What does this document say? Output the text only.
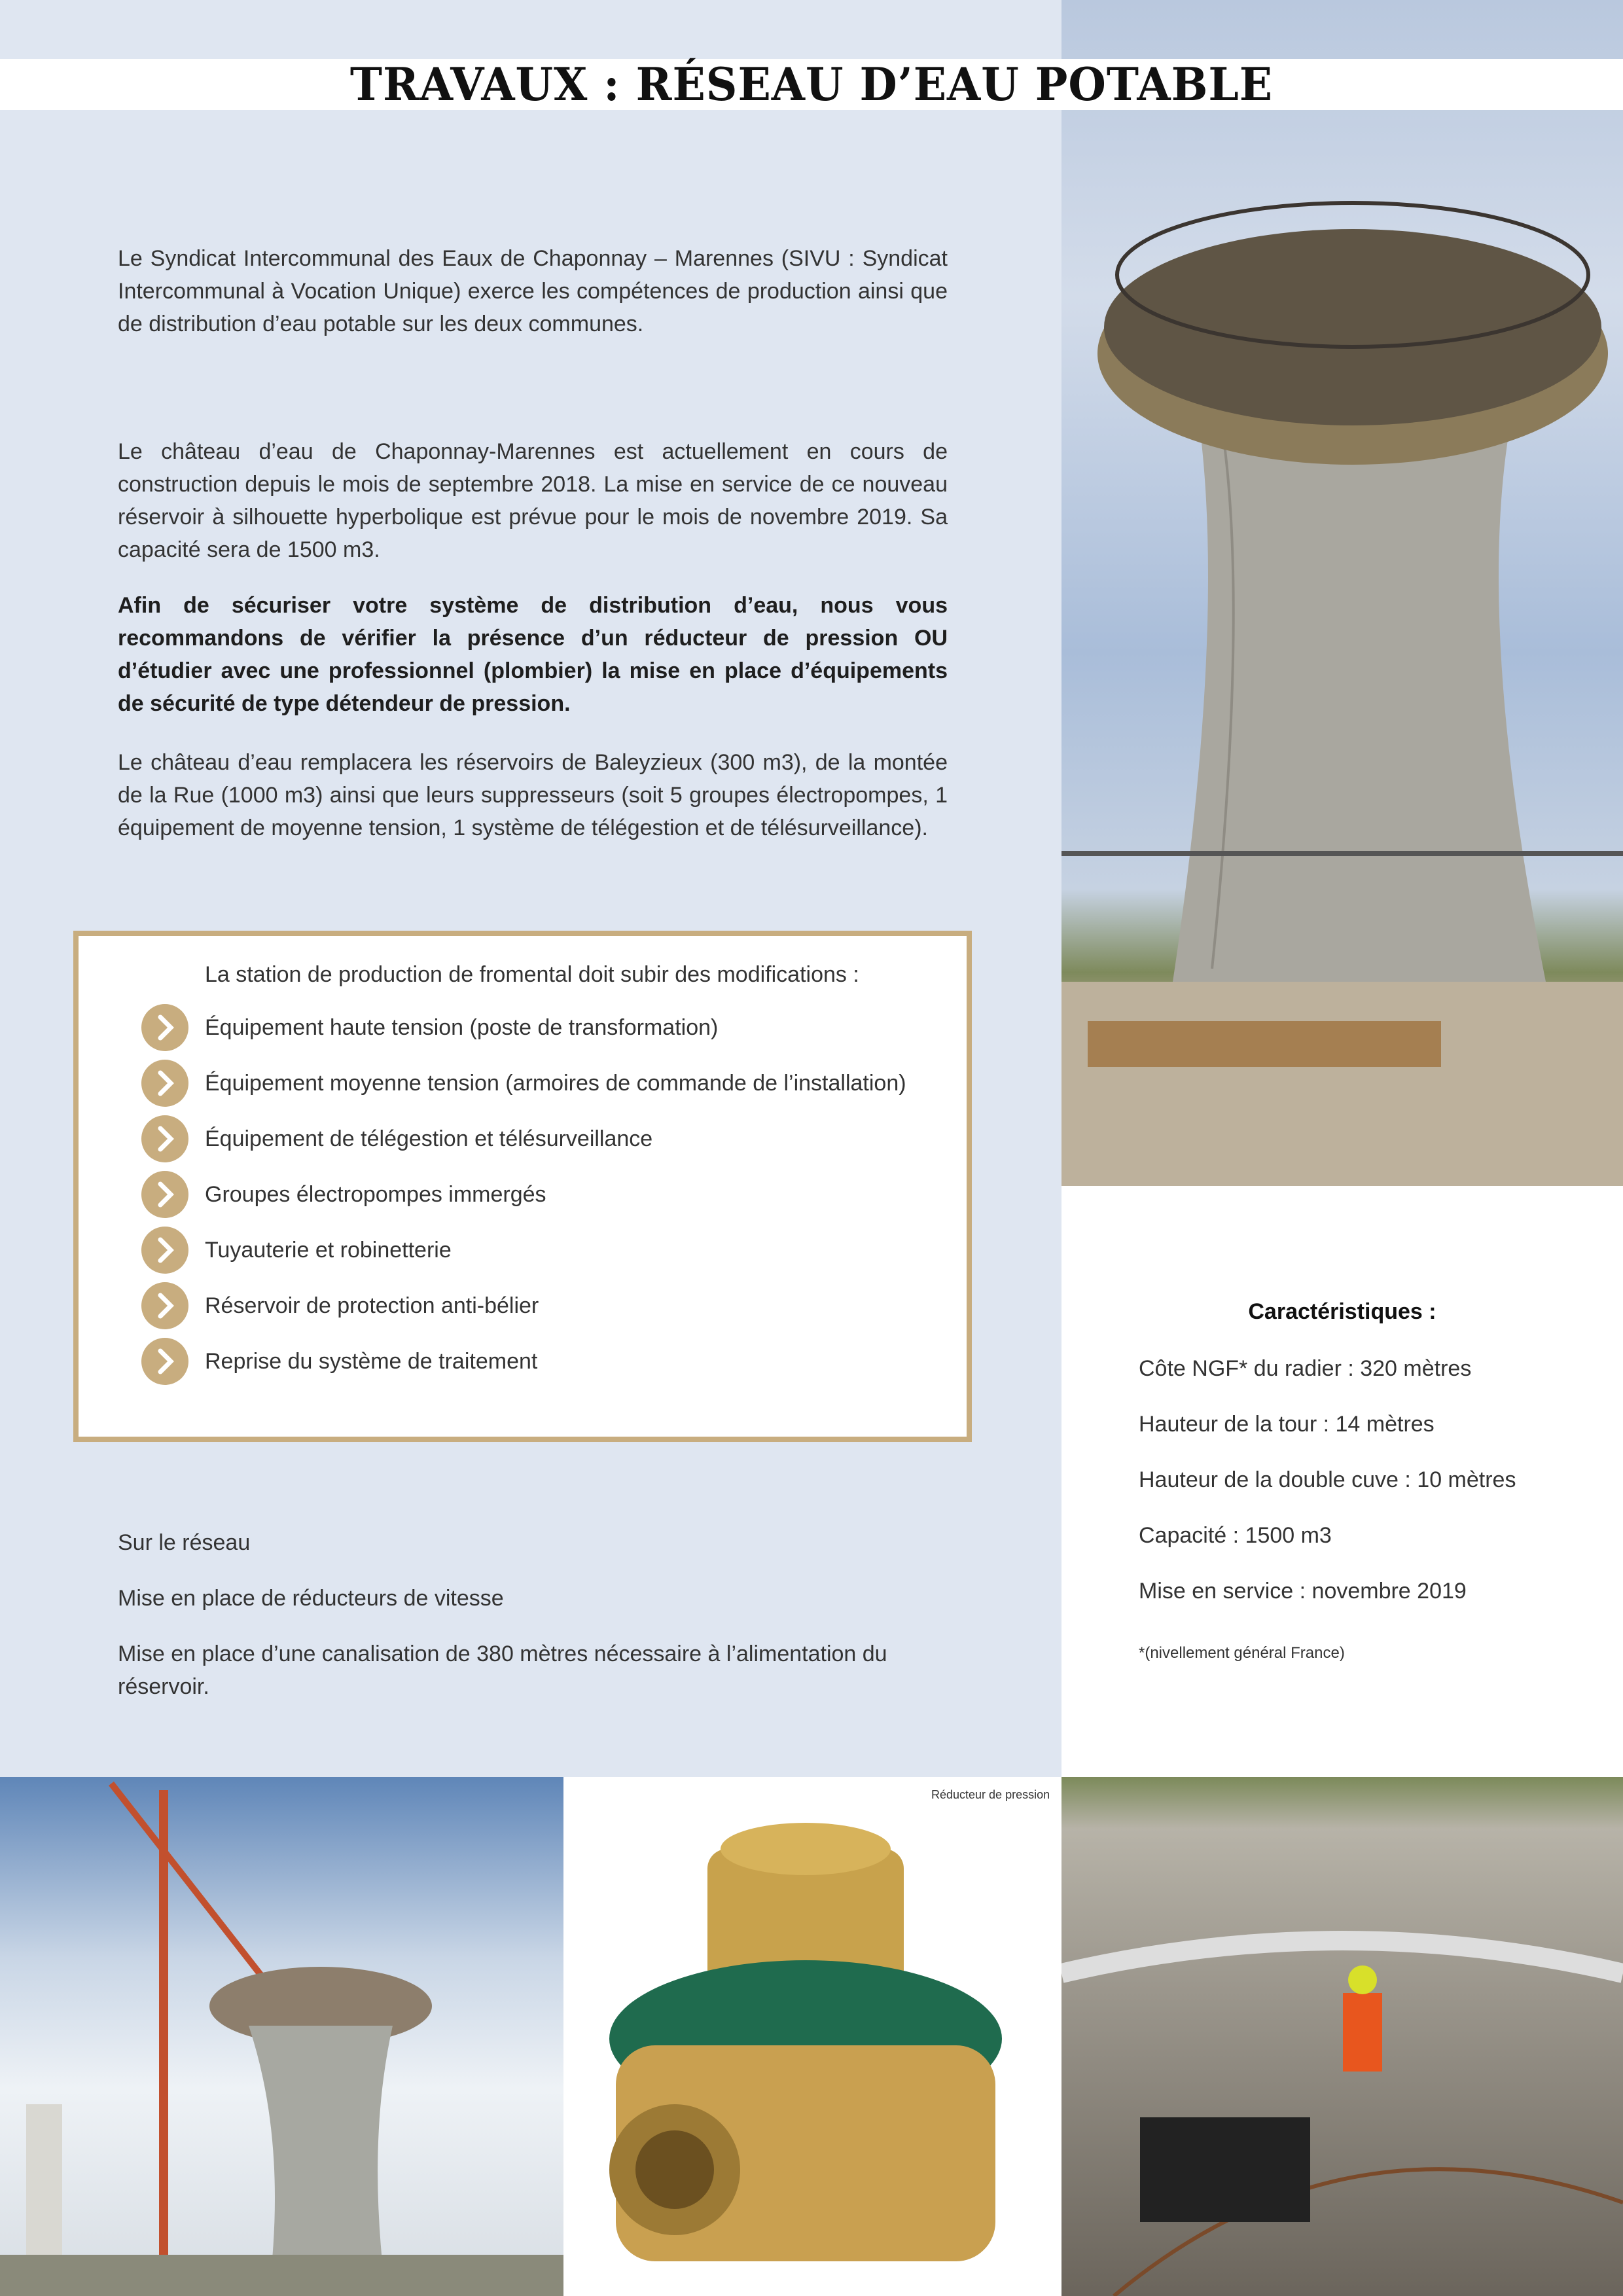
TRAVAUX : RÉSEAU D’EAU POTABLE

Le Syndicat Intercommunal des Eaux de Chaponnay – Marennes (SIVU : Syndicat Intercommunal à Vocation Unique) exerce les compétences de production ainsi que de distribution d’eau potable sur les deux communes.

Le château d’eau de Chaponnay-Marennes est actuellement en cours de construction depuis le mois de septembre 2018. La mise en service de ce nouveau réservoir à silhouette hyperbolique est prévue pour le mois de novembre 2019. Sa capacité sera de 1500 m3.

Afin de sécuriser votre système de distribution d’eau, nous vous recommandons de vérifier la présence d’un réducteur de pression OU d’étudier avec une professionnel (plombier) la mise en place d’équipements de sécurité de type détendeur de pression.

Le château d’eau remplacera les réservoirs de Baleyzieux (300 m3), de la montée de la Rue (1000 m3) ainsi que leurs suppresseurs (soit 5 groupes électropompes, 1 équipement de moyenne tension, 1 système de télégestion et de télésurveillance).

La station de production de fromental doit subir des modifications :
Équipement haute tension (poste de transformation)
Équipement moyenne tension (armoires de commande de l’installation)
Équipement de télégestion et télésurveillance
Groupes électropompes immergés
Tuyauterie et robinetterie
Réservoir de protection anti-bélier
Reprise du système de traitement
Sur le réseau
Mise en place de réducteurs de vitesse
Mise en place d’une canalisation de 380 mètres nécessaire à l’alimentation du réservoir.
Caractéristiques :
Côte NGF* du radier : 320 mètres
Hauteur de la tour : 14 mètres
Hauteur de la double cuve : 10 mètres
Capacité : 1500 m3
Mise en service : novembre 2019
*(nivellement général France)
Réducteur de pression
